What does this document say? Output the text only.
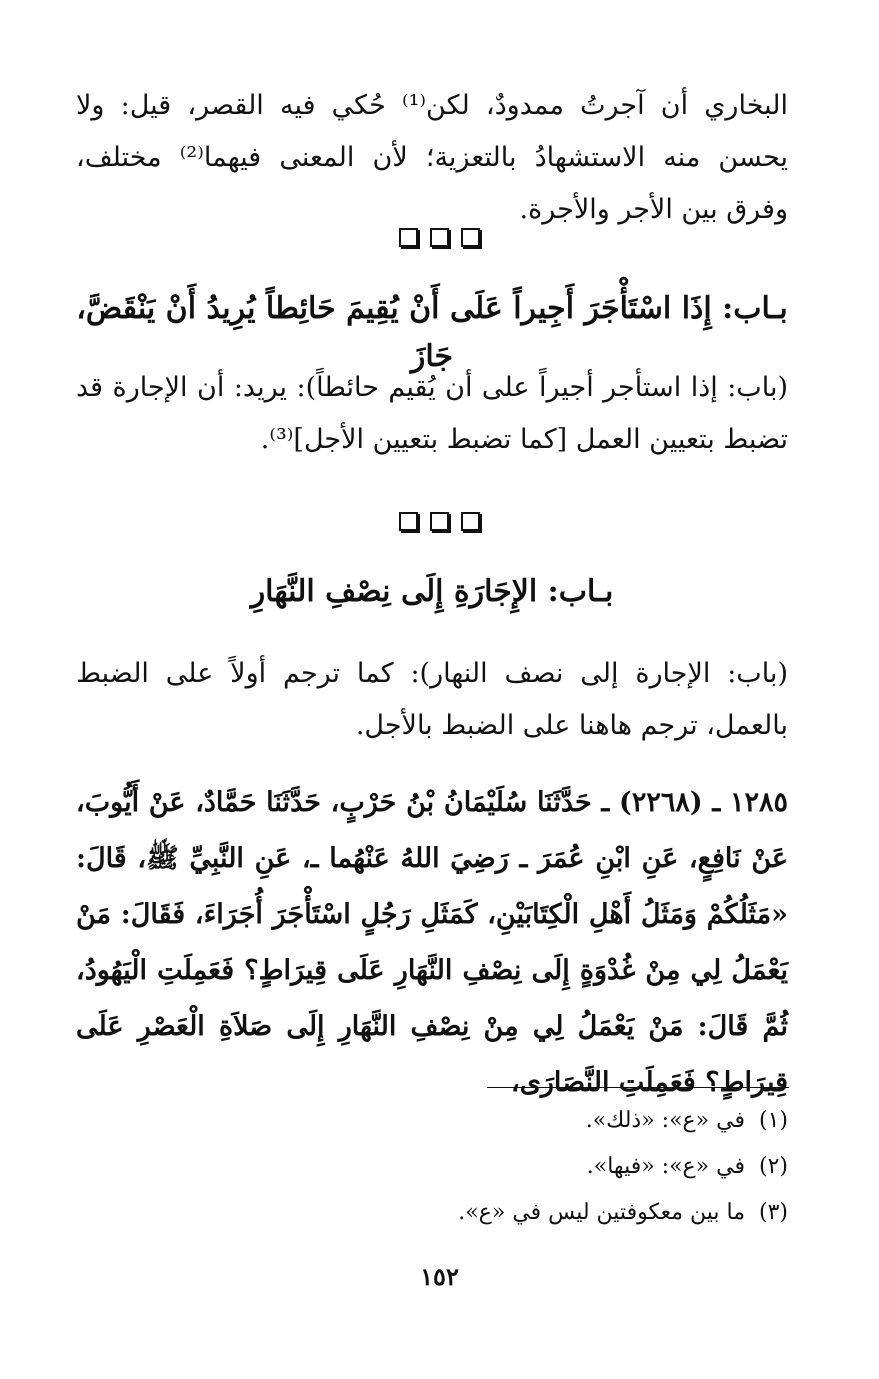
البخاري أن آجرتُ ممدودٌ، لكن⁽¹⁾ حُكي فيه القصر، قيل: ولا يحسن منه الاستشهادُ بالتعزية؛ لأن المعنى فيهما⁽²⁾ مختلف، وفرق بين الأجر والأجرة.
بـاب: إِذَا اسْتَأْجَرَ أَجِيراً عَلَى أَنْ يُقِيمَ حَائِطاً يُرِيدُ أَنْ يَنْقَضَّ، جَازَ
(باب: إذا استأجر أجيراً على أن يُقيم حائطاً): يريد: أن الإجارة قد تضبط بتعيين العمل [كما تضبط بتعيين الأجل]⁽³⁾.
بـاب: الإِجَارَةِ إِلَى نِصْفِ النَّهَارِ
(باب: الإجارة إلى نصف النهار): كما ترجم أولاً على الضبط بالعمل، ترجم هاهنا على الضبط بالأجل.
١٢٨٥ ـ (٢٢٦٨) ـ حَدَّثَنَا سُلَيْمَانُ بْنُ حَرْبٍ، حَدَّثَنَا حَمَّادٌ، عَنْ أَيُّوبَ، عَنْ نَافِعٍ، عَنِ ابْنِ عُمَرَ ـ رَضِيَ اللهُ عَنْهُما ـ، عَنِ النَّبِيِّ ﷺ، قَالَ: «مَثَلُكُمْ وَمَثَلُ أَهْلِ الْكِتَابَيْنِ، كَمَثَلِ رَجُلٍ اسْتَأْجَرَ أُجَرَاءَ، فَقَالَ: مَنْ يَعْمَلُ لِي مِنْ غُدْوَةٍ إِلَى نِصْفِ النَّهَارِ عَلَى قِيرَاطٍ؟ فَعَمِلَتِ الْيَهُودُ، ثُمَّ قَالَ: مَنْ يَعْمَلُ لِي مِنْ نِصْفِ النَّهَارِ إِلَى صَلاَةِ الْعَصْرِ عَلَى قِيرَاطٍ؟ فَعَمِلَتِ النَّصَارَى،
(١)في «ع»: «ذلك».
(٢)في «ع»: «فيها».
(٣)ما بين معكوفتين ليس في «ع».
١٥٢
